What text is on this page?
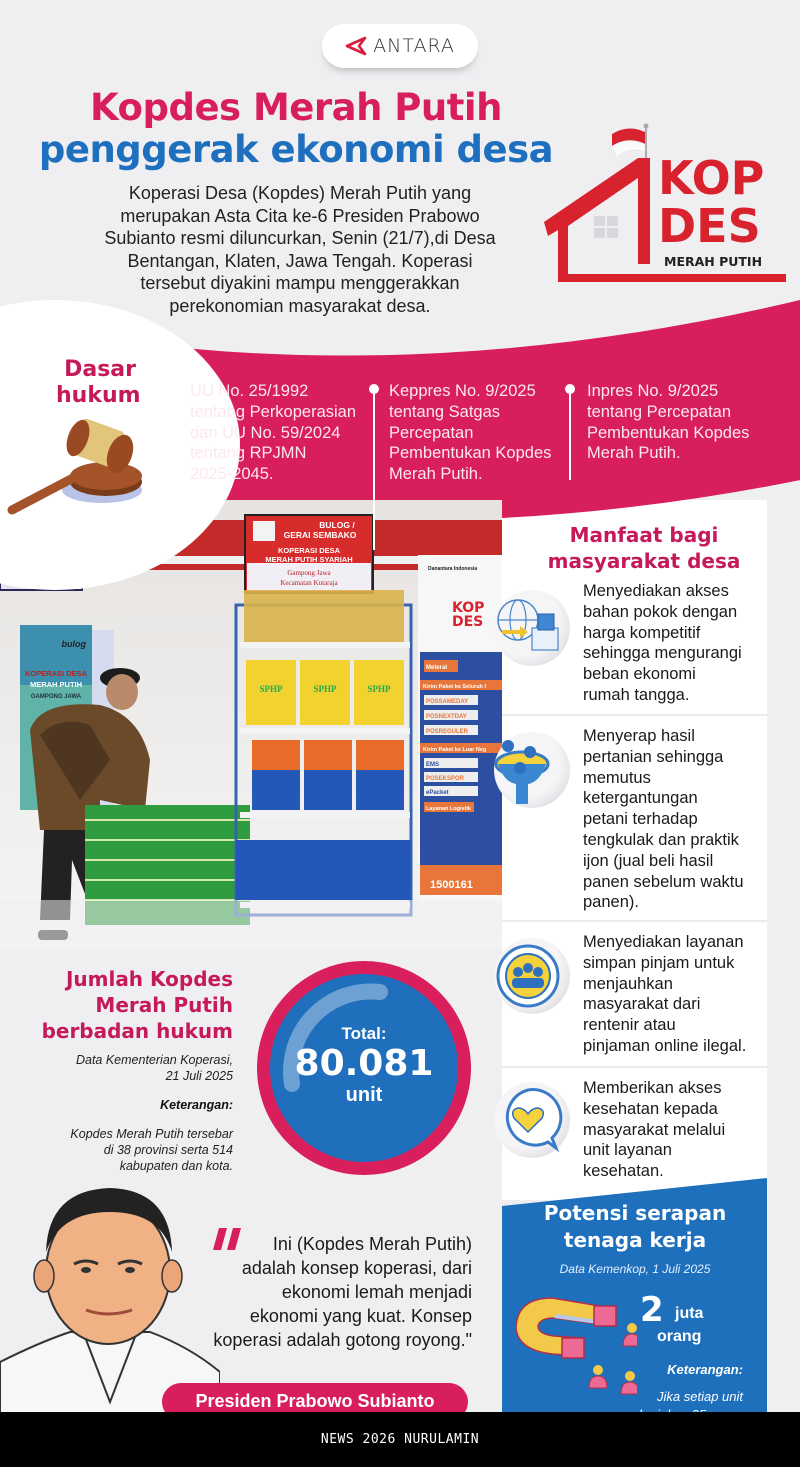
ANTARA
Kopdes Merah Putih
penggerak ekonomi desa
Koperasi Desa (Kopdes) Merah Putih yang
merupakan Asta Cita ke-6 Presiden Prabowo
Subianto resmi diluncurkan, Senin (21/7),di Desa
Bentangan, Klaten, Jawa Tengah. Koperasi
tersebut diyakini mampu menggerakkan
perekonomian masyarakat desa.
KOP
DES
MERAH PUTIH
BULOG /
GERAI SEMBAKO
KOPERASI DESA
MERAH PUTIH SYARIAH
Gampong Jawa
Kecamatan Kutaraja
bulog
KOPERASI DESA
MERAH PUTIH
GAMPONG JAWA
SPHP	SPHP	SPHP
Danantara Indonesia
KOP
DES
Meteral
Kirim Paket ke Seluruh I
POSSAMEDAY
POSNEXTDAY
POSREGULER
Kirim Paket ke Luar Neg
EMS
POSEKSPOR
ePacket
Layanan Logistik
1500161
Dasar
hukum	UU No. 25/1992
tentang Perkoperasian
dan UU No. 59/2024
tentang RPJMN
2025-2045.
Keppres No. 9/2025
tentang Satgas
Percepatan
Pembentukan Kopdes
Merah Putih.
Inpres No. 9/2025
tentang Percepatan
Pembentukan Kopdes
Merah Putih.
Manfaat bagi
masyarakat desa
Menyediakan akses
bahan pokok dengan
harga kompetitif
sehingga mengurangi
beban ekonomi
rumah tangga.
Menyerap hasil
pertanian sehingga
memutus
ketergantungan
petani terhadap
tengkulak dan praktik
ijon (jual beli hasil
panen sebelum waktu
panen).
Menyediakan layanan
simpan pinjam untuk
menjauhkan
masyarakat dari
rentenir atau
pinjaman online ilegal.
Memberikan akses
kesehatan kepada
masyarakat melalui
unit layanan
kesehatan.
Jumlah Kopdes
Merah Putih
berbadan hukum
Data Kementerian Koperasi,
21 Juli 2025
Keterangan:
Kopdes Merah Putih tersebar
di 38 provinsi serta 514
kabupaten dan kota.
Total:
80.081
unit
Ini (Kopdes Merah Putih)
adalah konsep koperasi, dari
ekonomi lemah menjadi
ekonomi yang kuat. Konsep
koperasi adalah gotong royong."
Presiden Prabowo Subianto
Potensi serapan
tenaga kerja
Data Kemenkop, 1 Juli 2025
2 juta
orang
Keterangan:
Jika setiap unit
NEWS 2026 NURULAMIN
